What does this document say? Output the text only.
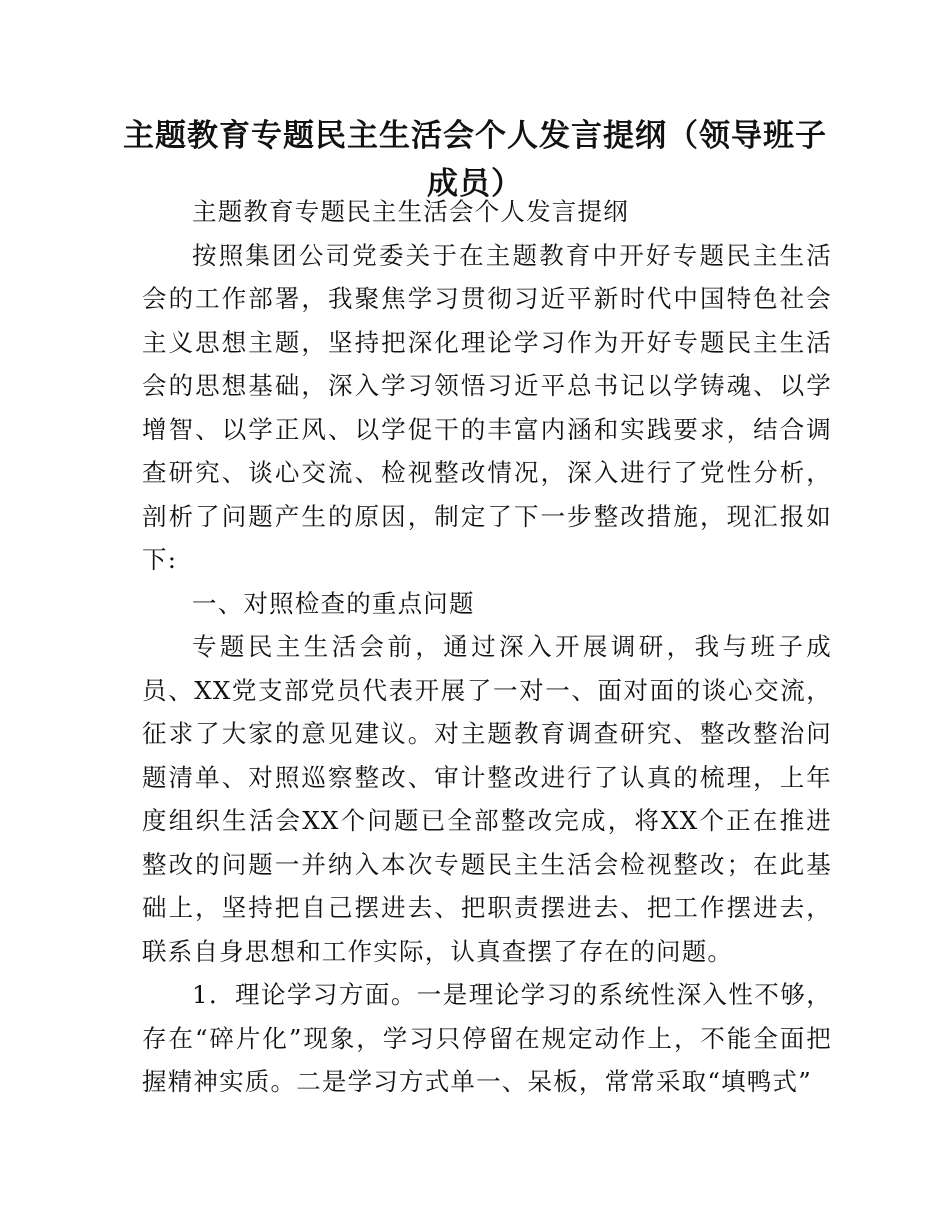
主题教育专题民主生活会个人发言提纲（领导班子成员）

主题教育专题民主生活会个人发言提纲

按照集团公司党委关于在主题教育中开好专题民主生活会的工作部署，我聚焦学习贯彻习近平新时代中国特色社会主义思想主题，坚持把深化理论学习作为开好专题民主生活会的思想基础，深入学习领悟习近平总书记以学铸魂、以学增智、以学正风、以学促干的丰富内涵和实践要求，结合调查研究、谈心交流、检视整改情况，深入进行了党性分析，剖析了问题产生的原因，制定了下一步整改措施，现汇报如下:

一、对照检查的重点问题

专题民主生活会前，通过深入开展调研，我与班子成员、XX党支部党员代表开展了一对一、面对面的谈心交流，征求了大家的意见建议。对主题教育调查研究、整改整治问题清单、对照巡察整改、审计整改进行了认真的梳理，上年度组织生活会XX个问题已全部整改完成，将XX个正在推进整改的问题一并纳入本次专题民主生活会检视整改；在此基础上，坚持把自己摆进去、把职责摆进去、把工作摆进去，联系自身思想和工作实际，认真查摆了存在的问题。

1．理论学习方面。一是理论学习的系统性深入性不够，存在“碎片化”现象，学习只停留在规定动作上，不能全面把握精神实质。二是学习方式单一、呆板，常常采取“填鸭式”
